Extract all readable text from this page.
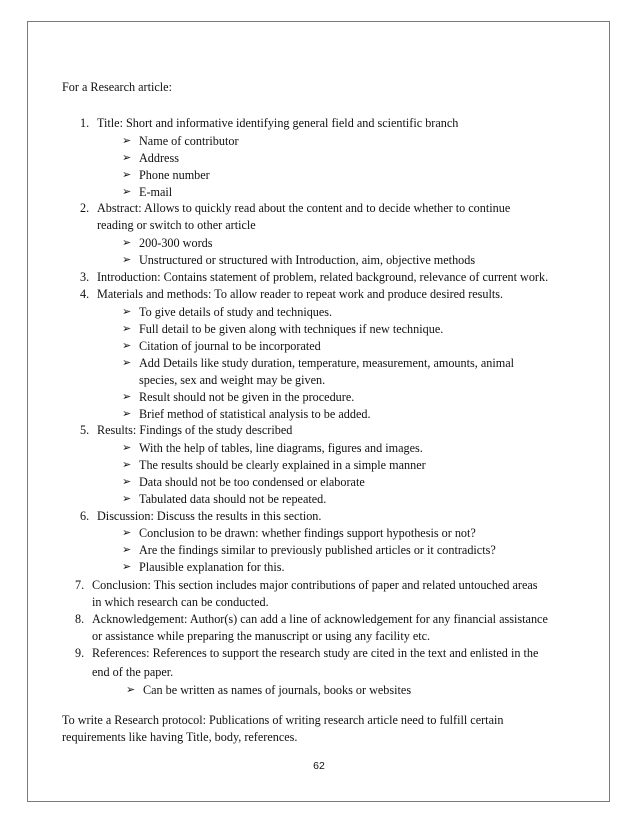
For a Research article:
1. Title: Short and informative identifying general field and scientific branch
➢ Name of contributor
➢ Address
➢ Phone number
➢ E-mail
2. Abstract: Allows to quickly read about the content and to decide whether to continue
reading or switch to other article
➢ 200-300 words
➢ Unstructured or structured with Introduction, aim, objective methods
3. Introduction: Contains statement of problem, related background, relevance of current work.
4. Materials and methods: To allow reader to repeat work and produce desired results.
➢ To give details of study and techniques.
➢ Full detail to be given along with techniques if new technique.
➢ Citation of journal to be incorporated
➢ Add Details like study duration, temperature, measurement, amounts, animal
species, sex and weight may be given.
➢ Result should not be given in the procedure.
➢ Brief method of statistical analysis to be added.
5. Results: Findings of the study described
➢ With the help of tables, line diagrams, figures and images.
➢ The results should be clearly explained in a simple manner
➢ Data should not be too condensed or elaborate
➢ Tabulated data should not be repeated.
6. Discussion: Discuss the results in this section.
➢ Conclusion to be drawn: whether findings support hypothesis or not?
➢ Are the findings similar to previously published articles or it contradicts?
➢ Plausible explanation for this.
7. Conclusion: This section includes major contributions of paper and related untouched areas
in which research can be conducted.
8. Acknowledgement: Author(s) can add a line of acknowledgement for any financial assistance
or assistance while preparing the manuscript or using any facility etc.
9. References: References to support the research study are cited in the text and enlisted in the
end of the paper.
➢ Can be written as names of journals, books or websites
To write a Research protocol: Publications of writing research article need to fulfill certain
requirements like having Title, body, references.
62
